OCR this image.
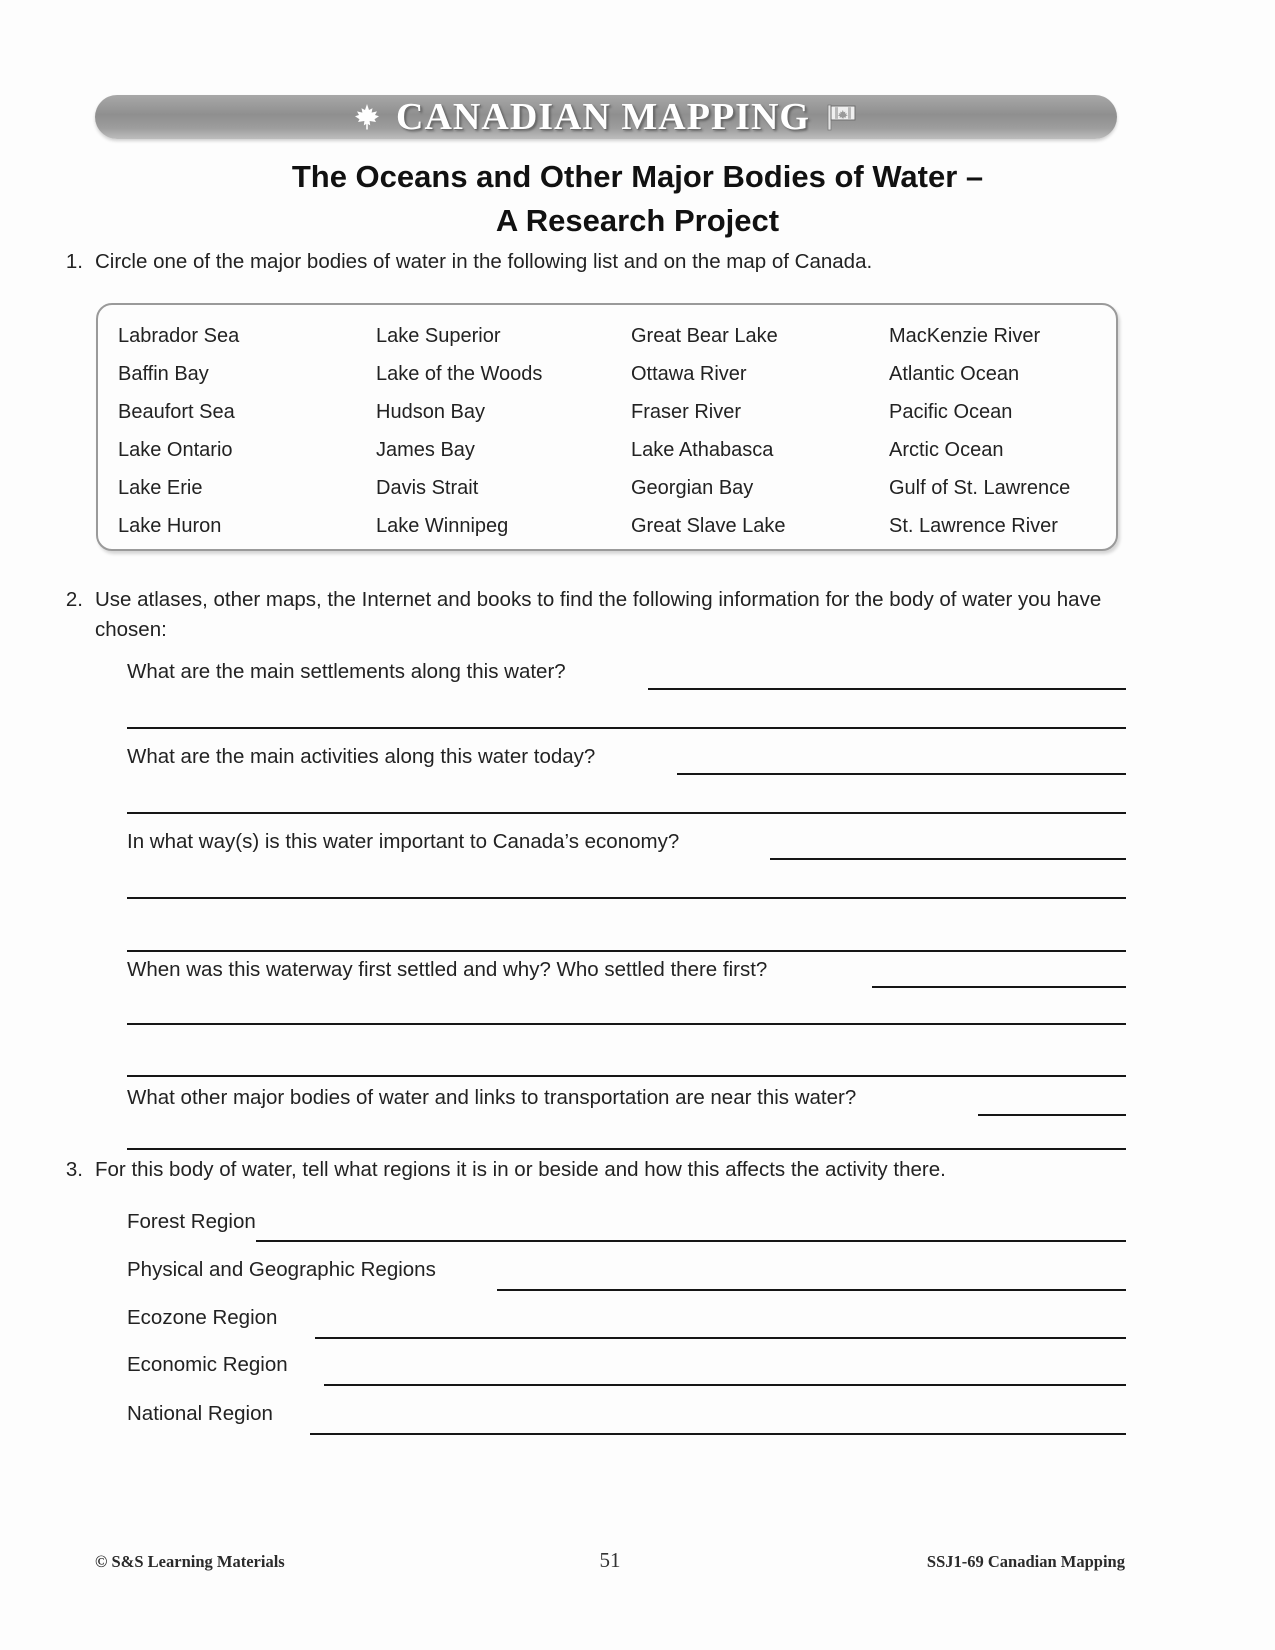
CANADIAN MAPPING
The Oceans and Other Major Bodies of Water –
A Research Project
1. Circle one of the major bodies of water in the following list and on the map of Canada.
Labrador Sea	Lake Superior	Great Bear Lake	MacKenzie River
Baffin Bay	Lake of the Woods	Ottawa River	Atlantic Ocean
Beaufort Sea	Hudson Bay	Fraser River	Pacific Ocean
Lake Ontario	James Bay	Lake Athabasca	Arctic Ocean
Lake Erie	Davis Strait	Georgian Bay	Gulf of St. Lawrence
Lake Huron	Lake Winnipeg	Great Slave Lake	St. Lawrence River
2. Use atlases, other maps, the Internet and books to find the following information for the body of water you have chosen:
What are the main settlements along this water?
What are the main activities along this water today?
In what way(s) is this water important to Canada’s economy?
When was this waterway first settled and why? Who settled there first?
What other major bodies of water and links to transportation are near this water?
3. For this body of water, tell what regions it is in or beside and how this affects the activity there.
Forest Region
Physical and Geographic Regions
Ecozone Region
Economic Region
National Region
© S&S Learning Materials	51	SSJ1-69 Canadian Mapping
